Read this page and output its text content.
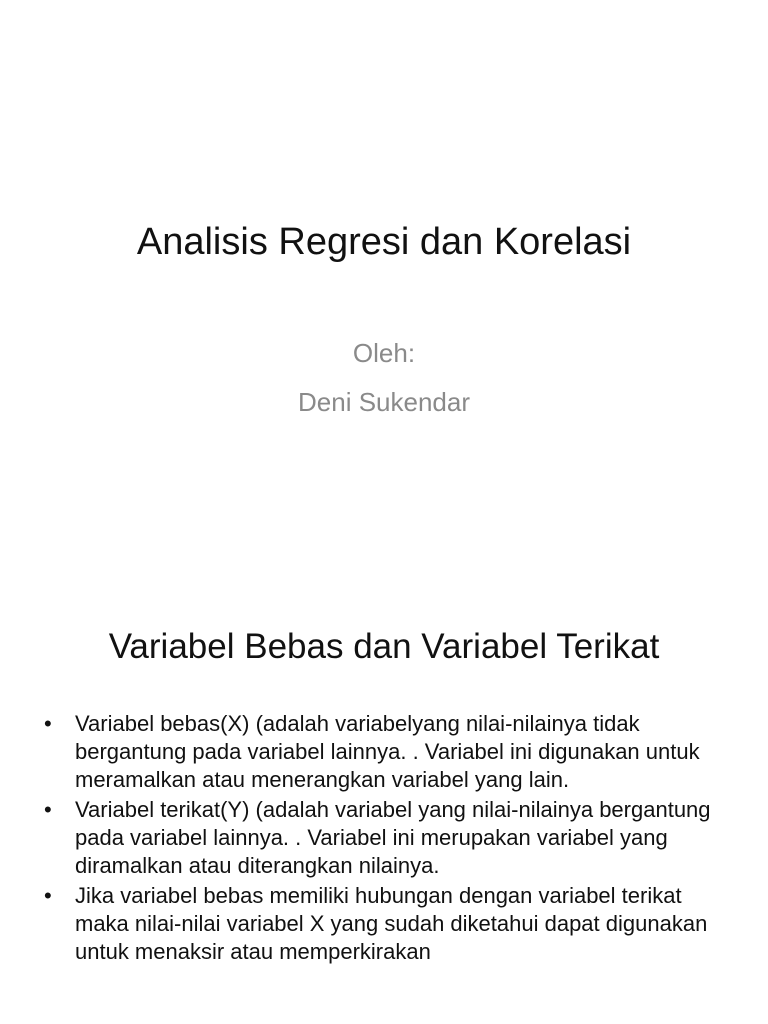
Analisis Regresi dan Korelasi
Oleh:
Deni Sukendar
Variabel Bebas dan Variabel Terikat
• Variabel bebas(X) (adalah variabelyang nilai-nilainya tidak bergantung pada variabel lainnya. . Variabel ini digunakan untuk meramalkan atau menerangkan variabel yang lain.
• Variabel terikat(Y) (adalah variabel yang nilai-nilainya bergantung pada variabel lainnya. . Variabel ini merupakan variabel yang diramalkan atau diterangkan nilainya.
• Jika variabel bebas memiliki hubungan dengan variabel terikat maka nilai-nilai variabel X yang sudah diketahui dapat digunakan untuk menaksir atau memperkirakan
